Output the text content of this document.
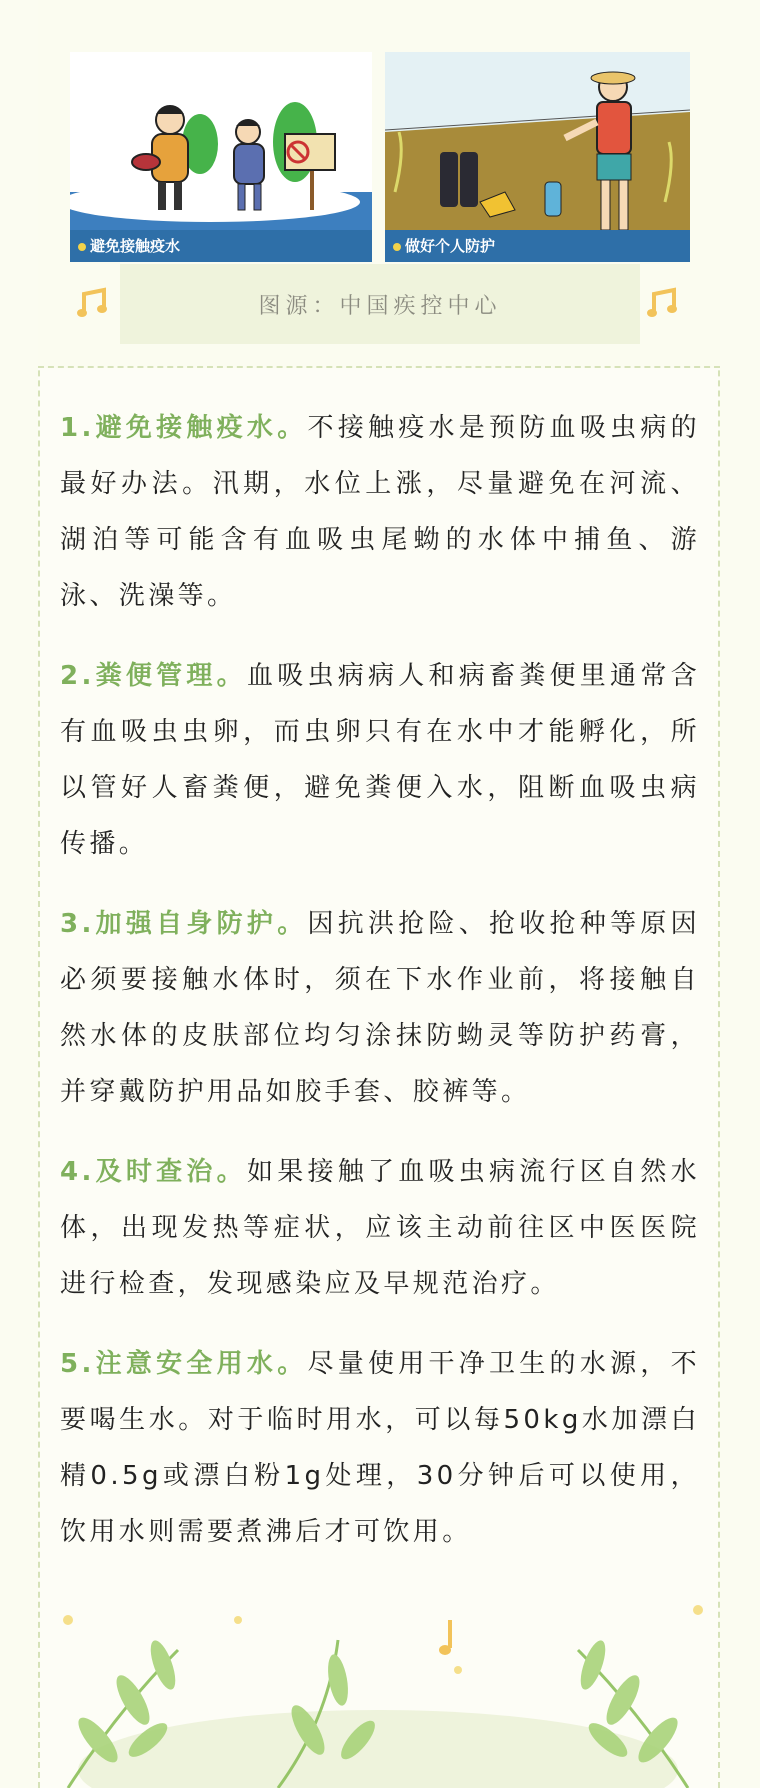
避免接触疫水	做好个人防护
图源：中国疾控中心

1.避免接触疫水。不接触疫水是预防血吸虫病的最好办法。汛期，水位上涨，尽量避免在河流、湖泊等可能含有血吸虫尾蚴的水体中捕鱼、游泳、洗澡等。

2.粪便管理。血吸虫病病人和病畜粪便里通常含有血吸虫虫卵，而虫卵只有在水中才能孵化，所以管好人畜粪便，避免粪便入水，阻断血吸虫病传播。

3.加强自身防护。因抗洪抢险、抢收抢种等原因必须要接触水体时，须在下水作业前，将接触自然水体的皮肤部位均匀涂抹防蚴灵等防护药膏，并穿戴防护用品如胶手套、胶裤等。

4.及时查治。如果接触了血吸虫病流行区自然水体，出现发热等症状，应该主动前往区中医医院进行检查，发现感染应及早规范治疗。

5.注意安全用水。尽量使用干净卫生的水源，不要喝生水。对于临时用水，可以每50kg水加漂白精0.5g或漂白粉1g处理，30分钟后可以使用，饮用水则需要煮沸后才可饮用。
